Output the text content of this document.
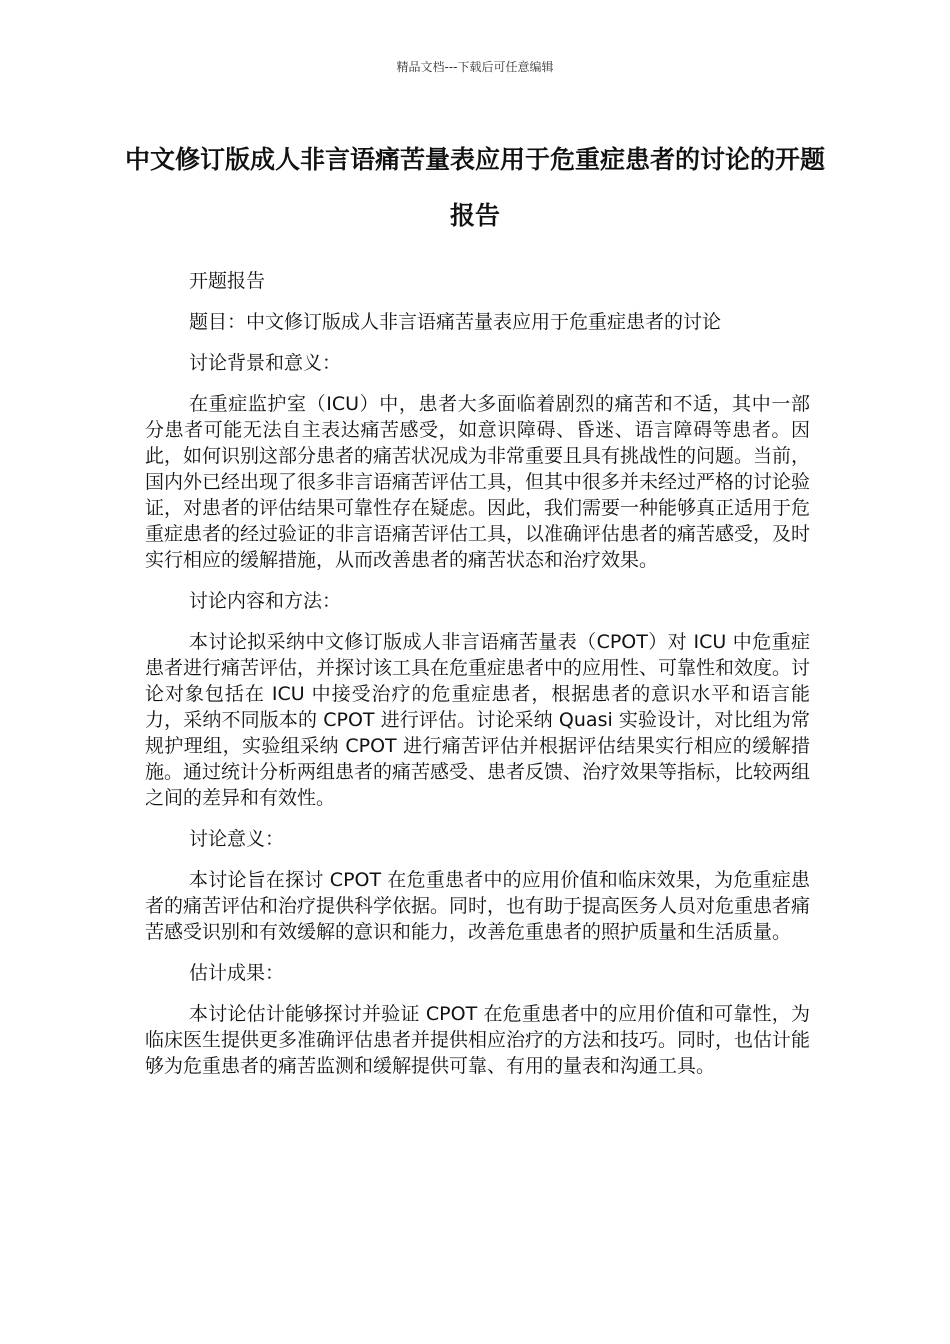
精品文档---下载后可任意编辑
中文修订版成人非言语痛苦量表应用于危重症患者的讨论的开题报告

开题报告

题目：中文修订版成人非言语痛苦量表应用于危重症患者的讨论

讨论背景和意义：

在重症监护室（ICU）中，患者大多面临着剧烈的痛苦和不适，其中一部分患者可能无法自主表达痛苦感受，如意识障碍、昏迷、语言障碍等患者。因此，如何识别这部分患者的痛苦状况成为非常重要且具有挑战性的问题。当前，国内外已经出现了很多非言语痛苦评估工具，但其中很多并未经过严格的讨论验证，对患者的评估结果可靠性存在疑虑。因此，我们需要一种能够真正适用于危重症患者的经过验证的非言语痛苦评估工具，以准确评估患者的痛苦感受，及时实行相应的缓解措施，从而改善患者的痛苦状态和治疗效果。

讨论内容和方法：

本讨论拟采纳中文修订版成人非言语痛苦量表（CPOT）对 ICU 中危重症患者进行痛苦评估，并探讨该工具在危重症患者中的应用性、可靠性和效度。讨论对象包括在 ICU 中接受治疗的危重症患者，根据患者的意识水平和语言能力，采纳不同版本的 CPOT 进行评估。讨论采纳 Quasi 实验设计，对比组为常规护理组，实验组采纳 CPOT 进行痛苦评估并根据评估结果实行相应的缓解措施。通过统计分析两组患者的痛苦感受、患者反馈、治疗效果等指标，比较两组之间的差异和有效性。

讨论意义：

本讨论旨在探讨 CPOT 在危重患者中的应用价值和临床效果，为危重症患者的痛苦评估和治疗提供科学依据。同时，也有助于提高医务人员对危重患者痛苦感受识别和有效缓解的意识和能力，改善危重患者的照护质量和生活质量。

估计成果：

本讨论估计能够探讨并验证 CPOT 在危重患者中的应用价值和可靠性，为临床医生提供更多准确评估患者并提供相应治疗的方法和技巧。同时，也估计能够为危重患者的痛苦监测和缓解提供可靠、有用的量表和沟通工具。
